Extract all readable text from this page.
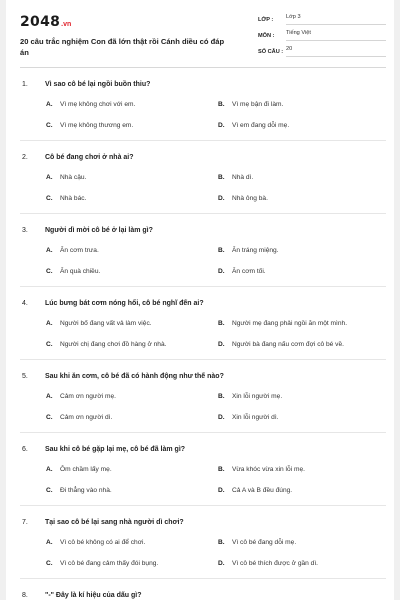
2048 .vn
20 câu trắc nghiệm Con đã lớn thật rồi Cánh diều có đáp án
LỚP :	Lớp 3
MÔN :	Tiếng Việt
SỐ CÂU : 20
1.	Vì sao cô bé lại ngồi buồn thiu?
A.	Vì mẹ không chơi với em.	B.	Vì mẹ bận đi làm.
C.	Vì mẹ không thương em.	D.	Vì em đang dỗi mẹ.
2.	Cô bé đang chơi ở nhà ai?
A.	Nhà cậu.	B.	Nhà dì.
C.	Nhà bác.	D.	Nhà ông bà.
3.	Người dì mời cô bé ở lại làm gì?
A.	Ăn cơm trưa.	B.	Ăn tráng miệng.
C.	Ăn quà chiều.	D.	Ăn cơm tối.
4.	Lúc bưng bát cơm nóng hổi, cô bé nghĩ đến ai?
A.	Người bố đang vất vả làm việc.	B.	Người mẹ đang phải ngồi ăn một mình.
C.	Người chị đang chơi đồ hàng ở nhà.	D.	Người bà đang nấu cơm đợi cô bé về.
5.	Sau khi ăn cơm, cô bé đã có hành động như thế nào?
A.	Cảm ơn người mẹ.	B.	Xin lỗi người mẹ.
C.	Cảm ơn người dì.	D.	Xin lỗi người dì.
6.	Sau khi cô bé gặp lại mẹ, cô bé đã làm gì?
A.	Ôm chầm lấy mẹ.	B.	Vừa khóc vừa xin lỗi mẹ.
C.	Đi thẳng vào nhà.	D.	Cả A và B đều đúng.
7.	Tại sao cô bé lại sang nhà người dì chơi?
A.	Vì cô bé không có ai để chơi.	B.	Vì cô bé đang dỗi mẹ.
C.	Vì cô bé đang cảm thấy đói bụng.	D.	Vì cô bé thích được ở gần dì.
8.	"-" Đây là kí hiệu của dấu gì?
